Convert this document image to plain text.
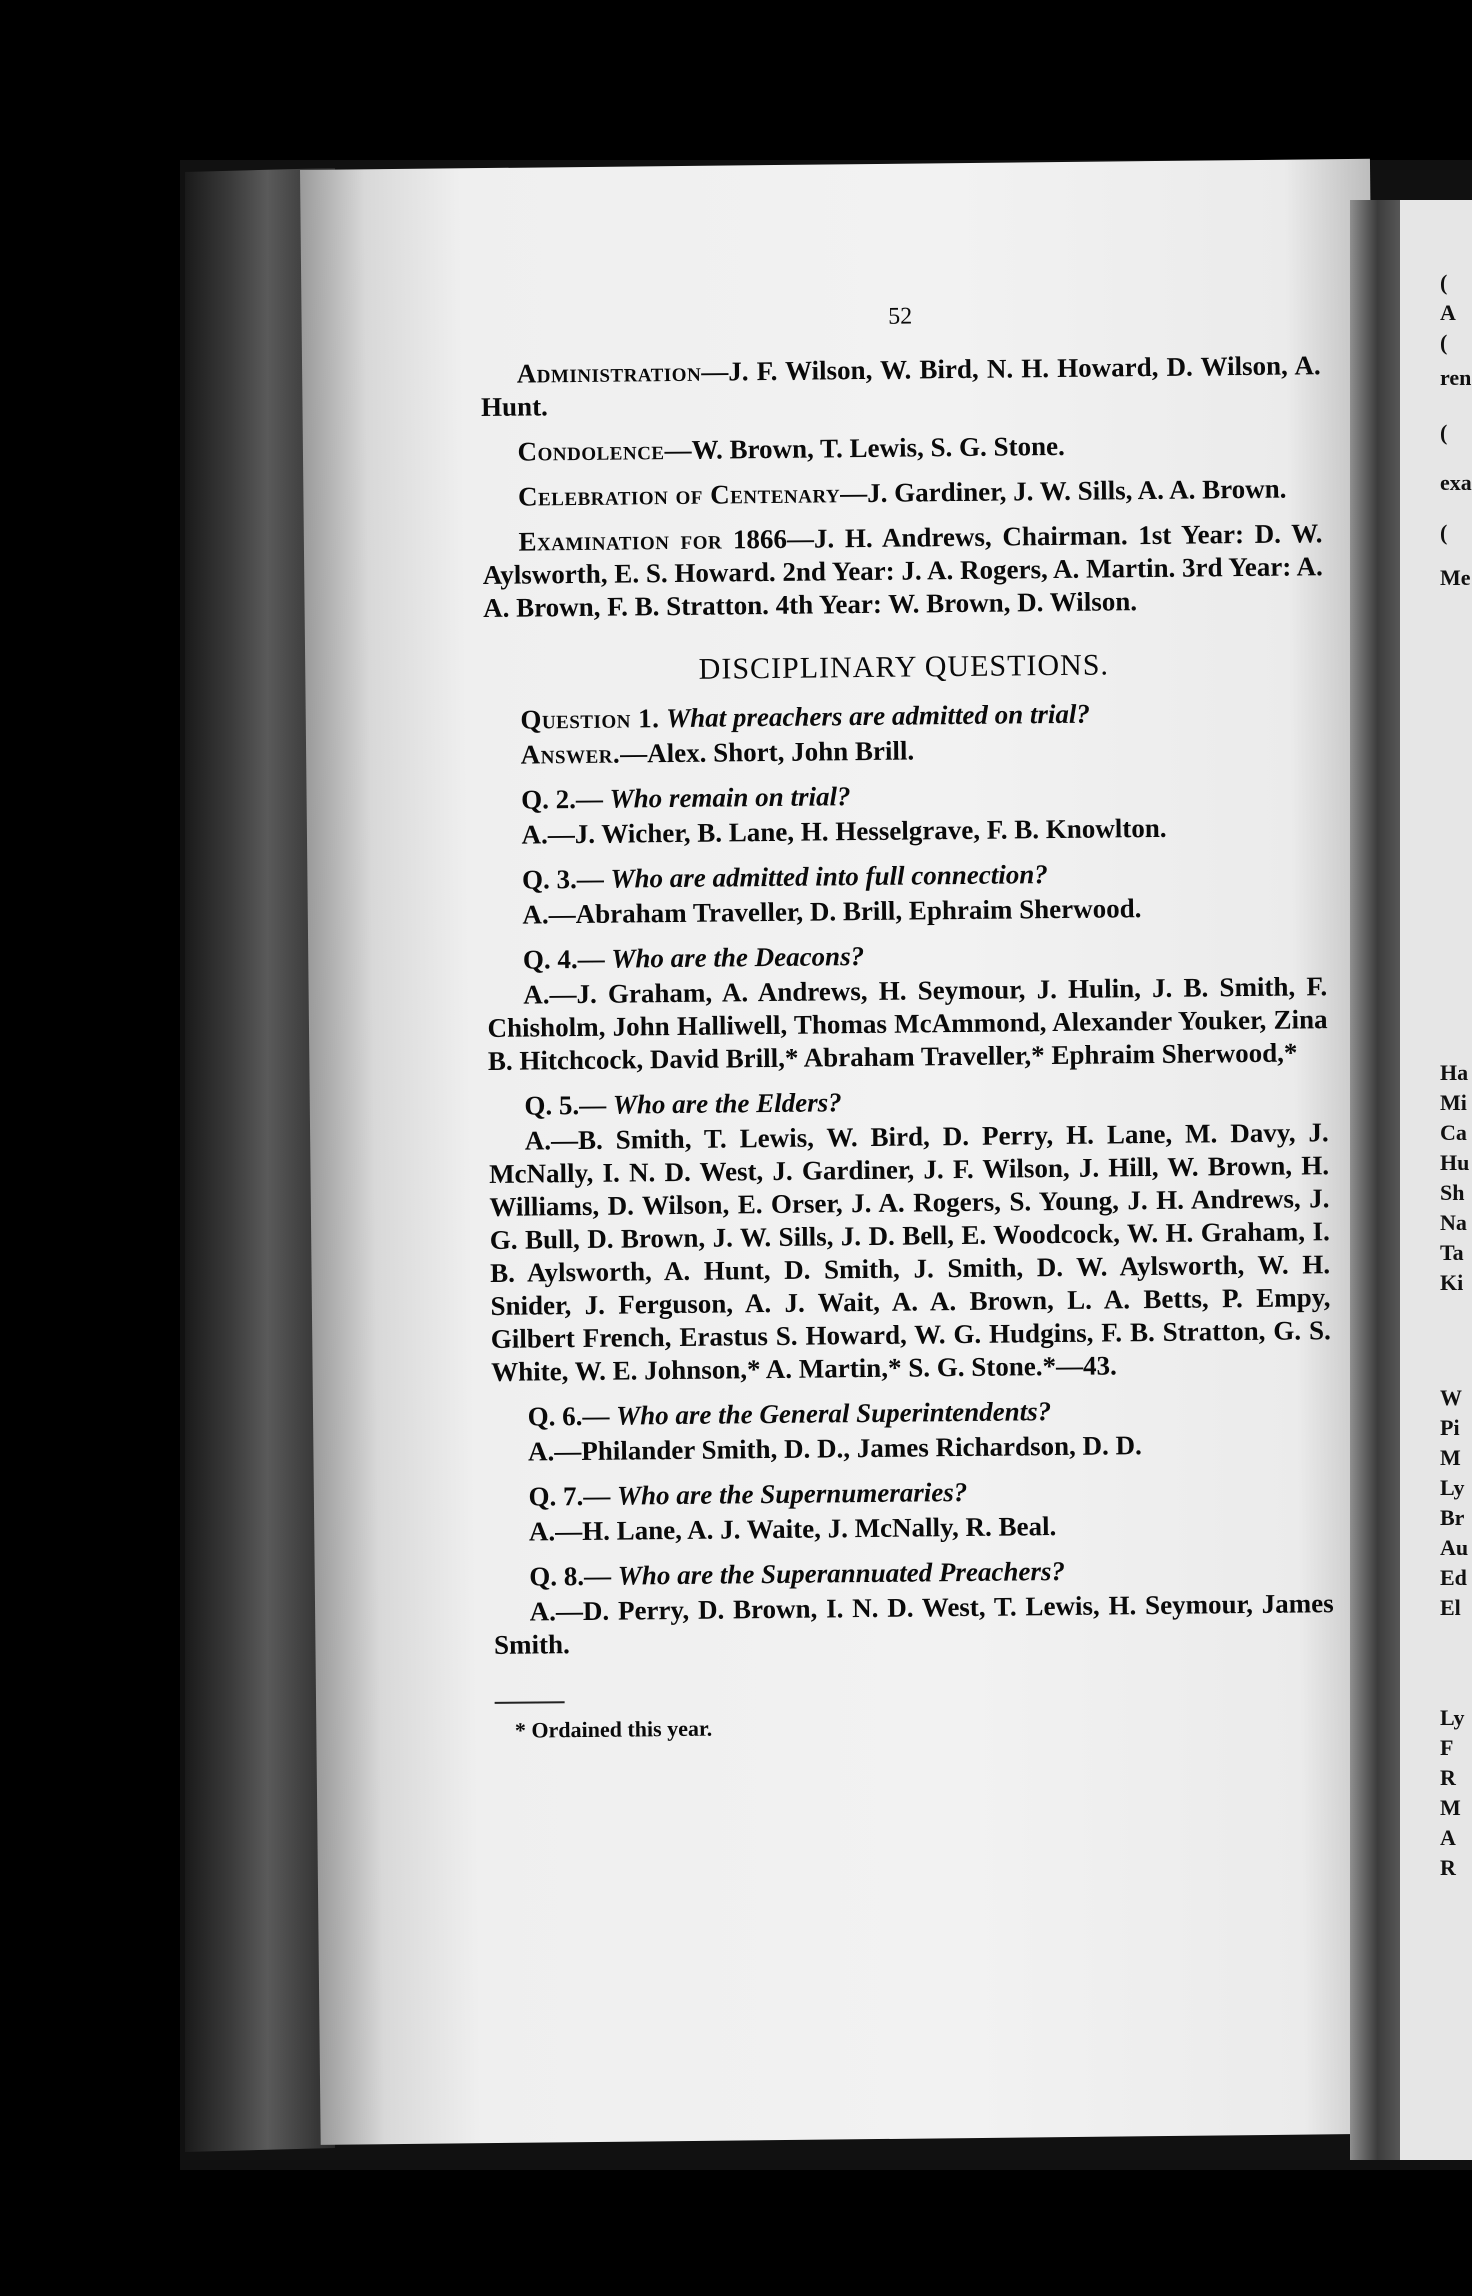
(
A
(
ren
(
exa
(
Me
Ha
Mi
Ca
Hu
Sh
Na
Ta
Ki
W
Pi
M
Ly
Br
Au
Ed
El
Ly
F
R
M
A
R
52

Administration—J. F. Wilson, W. Bird, N. H. Howard, D. Wilson, A. Hunt.

Condolence—W. Brown, T. Lewis, S. G. Stone.

Celebration of Centenary—J. Gardiner, J. W. Sills, A. A. Brown.

Examination for 1866—J. H. Andrews, Chairman. 1st Year: D. W. Aylsworth, E. S. Howard. 2nd Year: J. A. Rogers, A. Martin. 3rd Year: A. A. Brown, F. B. Stratton. 4th Year: W. Brown, D. Wilson.

DISCIPLINARY QUESTIONS.

Question 1. What preachers are admitted on trial?

Answer.—Alex. Short, John Brill.

Q. 2.— Who remain on trial?

A.—J. Wicher, B. Lane, H. Hesselgrave, F. B. Knowlton.

Q. 3.— Who are admitted into full connection?

A.—Abraham Traveller, D. Brill, Ephraim Sherwood.

Q. 4.— Who are the Deacons?

A.—J. Graham, A. Andrews, H. Seymour, J. Hulin, J. B. Smith, F. Chisholm, John Halliwell, Thomas McAmmond, Alexander Youker, Zina B. Hitchcock, David Brill,* Abraham Traveller,* Ephraim Sherwood,*

Q. 5.— Who are the Elders?

A.—B. Smith, T. Lewis, W. Bird, D. Perry, H. Lane, M. Davy, J. McNally, I. N. D. West, J. Gardiner, J. F. Wilson, J. Hill, W. Brown, H. Williams, D. Wilson, E. Orser, J. A. Rogers, S. Young, J. H. Andrews, J. G. Bull, D. Brown, J. W. Sills, J. D. Bell, E. Woodcock, W. H. Graham, I. B. Aylsworth, A. Hunt, D. Smith, J. Smith, D. W. Aylsworth, W. H. Snider, J. Ferguson, A. J. Wait, A. A. Brown, L. A. Betts, P. Empy, Gilbert French, Erastus S. Howard, W. G. Hudgins, F. B. Stratton, G. S. White, W. E. Johnson,* A. Martin,* S. G. Stone.*—43.

Q. 6.— Who are the General Superintendents?

A.—Philander Smith, D. D., James Richardson, D. D.

Q. 7.— Who are the Supernumeraries?

A.—H. Lane, A. J. Waite, J. McNally, R. Beal.

Q. 8.— Who are the Superannuated Preachers?

A.—D. Perry, D. Brown, I. N. D. West, T. Lewis, H. Seymour, James Smith.

* Ordained this year.
